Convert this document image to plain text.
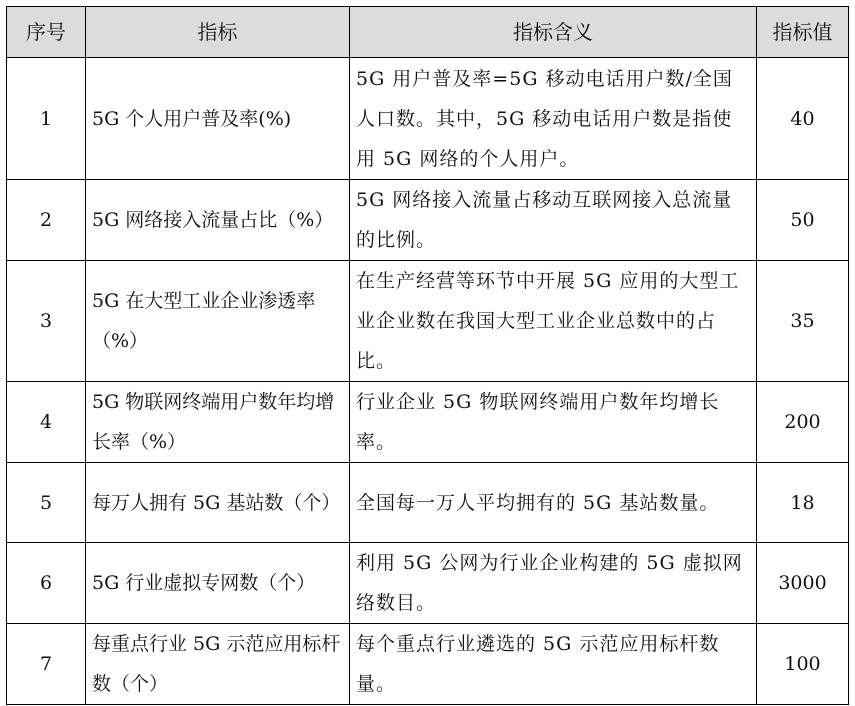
序号	指标	指标含义	指标值
1	5G 个人用户普及率(%)	5G 用户普及率=5G 移动电话用户数/全国人口数。其中，5G 移动电话用户数是指使用 5G 网络的个人用户。	40
2	5G 网络接入流量占比（%）	5G 网络接入流量占移动互联网接入总流量的比例。	50
3	5G 在大型工业企业渗透率（%）	在生产经营等环节中开展 5G 应用的大型工业企业数在我国大型工业企业总数中的占比。	35
4	5G 物联网终端用户数年均增长率（%）	行业企业 5G 物联网终端用户数年均增长率。	200
5	每万人拥有 5G 基站数（个）	全国每一万人平均拥有的 5G 基站数量。	18
6	5G 行业虚拟专网数（个）	利用 5G 公网为行业企业构建的 5G 虚拟网络数目。	3000
7	每重点行业 5G 示范应用标杆数（个）	每个重点行业遴选的 5G 示范应用标杆数量。	100
